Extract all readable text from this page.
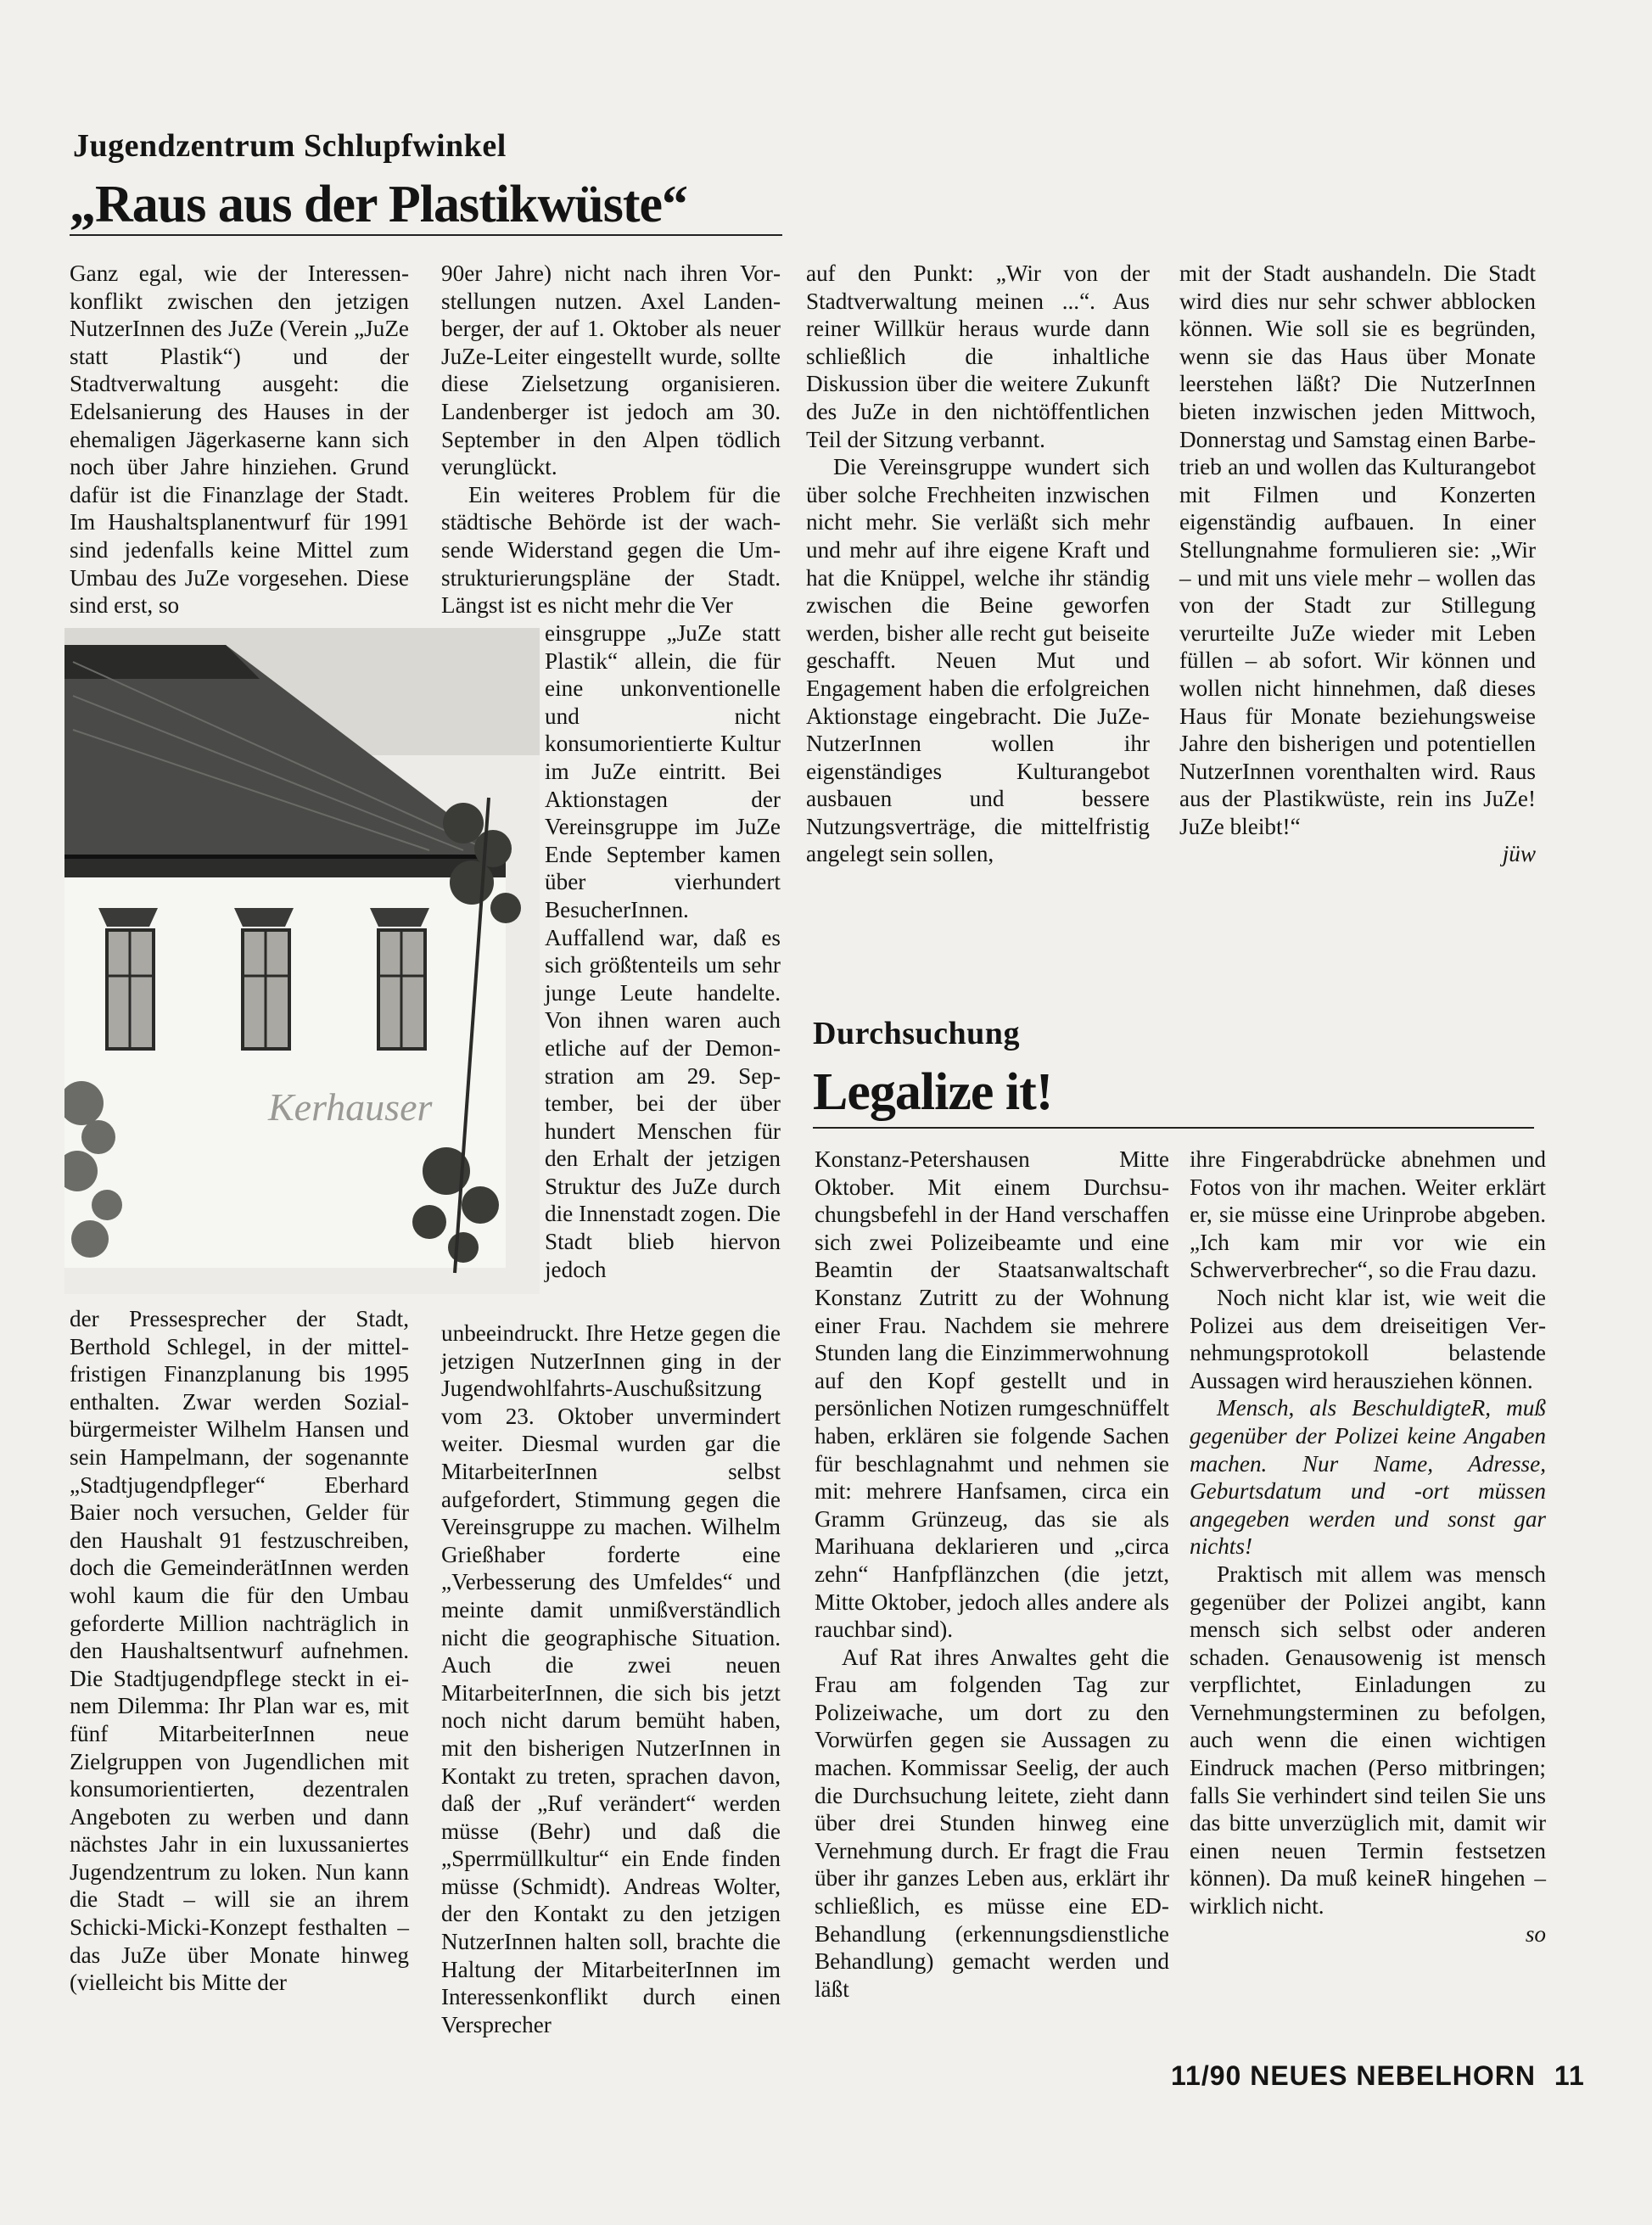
Jugendzentrum Schlupfwinkel
„Raus aus der Plastikwüste“

Ganz egal, wie der Interessenkonflikt zwischen den jetzigen NutzerInnen des JuZe (Verein „JuZe statt Plastik“) und der Stadtverwaltung ausgeht: die Edelsanierung des Hauses in der ehemaligen Jägerkaserne kann sich noch über Jahre hinziehen. Grund dafür ist die Finanzlage der Stadt. Im Haushaltsplanentwurf für 1991 sind jedenfalls keine Mittel zum Umbau des JuZe vorgesehen. Diese sind erst, so

Kerhauser

der Pressesprecher der Stadt, Berthold Schlegel, in der mittelfristigen Finanzplanung bis 1995 enthalten. Zwar werden Sozialbürgermeister Wilhelm Hansen und sein Hampelmann, der sogenannte „Stadtjugendpfleger“ Eberhard Baier noch versuchen, Gelder für den Haushalt 91 festzuschreiben, doch die GemeinderätInnen werden wohl kaum die für den Umbau geforderte Million nachträglich in den Haushaltsentwurf aufnehmen. Die Stadtjugendpflege steckt in einem Dilemma: Ihr Plan war es, mit fünf MitarbeiterInnen neue Zielgruppen von Jugendlichen mit konsumorientierten, dezentralen Angeboten zu werben und dann nächstes Jahr in ein luxussaniertes Jugendzentrum zu loken. Nun kann die Stadt – will sie an ihrem Schicki-Micki-Konzept festhalten – das JuZe über Monate hinweg (vielleicht bis Mitte der

90er Jahre) nicht nach ihren Vorstellungen nutzen. Axel Landenberger, der auf 1. Oktober als neuer JuZe-Leiter eingestellt wurde, sollte diese Zielsetzung organisieren. Landenberger ist jedoch am 30. September in den Alpen tödlich verunglückt.

Ein weiteres Problem für die städtische Behörde ist der wachsende Widerstand gegen die Umstrukturierungspläne der Stadt. Längst ist es nicht mehr die Ver

einsgruppe „JuZe statt Plastik“ allein, die für eine unkonventionelle und nicht konsumorientierte Kultur im JuZe eintritt. Bei Aktionstagen der Vereinsgruppe im JuZe Ende September kamen über vierhundert BesucherInnen. Auffallend war, daß es sich größtenteils um sehr junge Leute handelte. Von ihnen waren auch etliche auf der Demonstration am 29. September, bei der über hundert Menschen für den Erhalt der jetzigen Struktur des JuZe durch die Innenstadt zogen. Die Stadt blieb hiervon jedoch

unbeeindruckt. Ihre Hetze gegen die jetzigen NutzerInnen ging in der Jugendwohlfahrts-Auschußsitzung vom 23. Oktober unvermindert weiter. Diesmal wurden gar die MitarbeiterInnen selbst aufgefordert, Stimmung gegen die Vereinsgruppe zu machen. Wilhelm Grießhaber forderte eine „Verbesserung des Umfeldes“ und meinte damit unmißverständlich nicht die geographische Situation. Auch die zwei neuen MitarbeiterInnen, die sich bis jetzt noch nicht darum bemüht haben, mit den bisherigen NutzerInnen in Kontakt zu treten, sprachen davon, daß der „Ruf verändert“ werden müsse (Behr) und daß die „Sperrmüllkultur“ ein Ende finden müsse (Schmidt). Andreas Wolter, der den Kontakt zu den jetzigen NutzerInnen halten soll, brachte die Haltung der MitarbeiterInnen im Interessenkonflikt durch einen Versprecher

auf den Punkt: „Wir von der Stadtverwaltung meinen ...“. Aus reiner Willkür heraus wurde dann schließlich die inhaltliche Diskussion über die weitere Zukunft des JuZe in den nichtöffentlichen Teil der Sitzung verbannt.

Die Vereinsgruppe wundert sich über solche Frechheiten inzwischen nicht mehr. Sie verläßt sich mehr und mehr auf ihre eigene Kraft und hat die Knüppel, welche ihr ständig zwischen die Beine geworfen werden, bisher alle recht gut beiseite geschafft. Neuen Mut und Engagement haben die erfolgreichen Aktionstage eingebracht. Die JuZe-NutzerInnen wollen ihr eigenständiges Kulturangebot ausbauen und bessere Nutzungsverträge, die mittelfristig angelegt sein sollen,

mit der Stadt aushandeln. Die Stadt wird dies nur sehr schwer abblocken können. Wie soll sie es begründen, wenn sie das Haus über Monate leerstehen läßt? Die NutzerInnen bieten inzwischen jeden Mittwoch, Donnerstag und Samstag einen Barbetrieb an und wollen das Kulturangebot mit Filmen und Konzerten eigenständig aufbauen. In einer Stellungnahme formulieren sie: „Wir – und mit uns viele mehr – wollen das von der Stadt zur Stillegung verurteilte JuZe wieder mit Leben füllen – ab sofort. Wir können und wollen nicht hinnehmen, daß dieses Haus für Monate beziehungsweise Jahre den bisherigen und potentiellen NutzerInnen vorenthalten wird. Raus aus der Plastikwüste, rein ins JuZe! JuZe bleibt!“

jüw
Durchsuchung
Legalize it!

Konstanz-Petershausen Mitte Oktober. Mit einem Durchsuchungsbefehl in der Hand verschaffen sich zwei Polizeibeamte und eine Beamtin der Staatsanwaltschaft Konstanz Zutritt zu der Wohnung einer Frau. Nachdem sie mehrere Stunden lang die Einzimmerwohnung auf den Kopf gestellt und in persönlichen Notizen rumgeschnüffelt haben, erklären sie folgende Sachen für beschlagnahmt und nehmen sie mit: mehrere Hanfsamen, circa ein Gramm Grünzeug, das sie als Marihuana deklarieren und „circa zehn“ Hanfpflänzchen (die jetzt, Mitte Oktober, jedoch alles andere als rauchbar sind).

Auf Rat ihres Anwaltes geht die Frau am folgenden Tag zur Polizeiwache, um dort zu den Vorwürfen gegen sie Aussagen zu machen. Kommissar Seelig, der auch die Durchsuchung leitete, zieht dann über drei Stunden hinweg eine Vernehmung durch. Er fragt die Frau über ihr ganzes Leben aus, erklärt ihr schließlich, es müsse eine ED-Behandlung (erkennungsdienstliche Behandlung) gemacht werden und läßt

ihre Fingerabdrücke abnehmen und Fotos von ihr machen. Weiter erklärt er, sie müsse eine Urinprobe abgeben. „Ich kam mir vor wie ein Schwerverbrecher“, so die Frau dazu.

Noch nicht klar ist, wie weit die Polizei aus dem dreiseitigen Vernehmungsprotokoll belastende Aussagen wird herausziehen können.

Mensch, als BeschuldigteR, muß gegenüber der Polizei keine Angaben machen. Nur Name, Adresse, Geburtsdatum und -ort müssen angegeben werden und sonst gar nichts!

Praktisch mit allem was mensch gegenüber der Polizei angibt, kann mensch sich selbst oder anderen schaden. Genausowenig ist mensch verpflichtet, Einladungen zu Vernehmungsterminen zu befolgen, auch wenn die einen wichtigen Eindruck machen (Perso mitbringen; falls Sie verhindert sind teilen Sie uns das bitte unverzüglich mit, damit wir einen neuen Termin festsetzen können). Da muß keineR hingehen – wirklich nicht.

so
11/90 NEUES NEBELHORN 11
